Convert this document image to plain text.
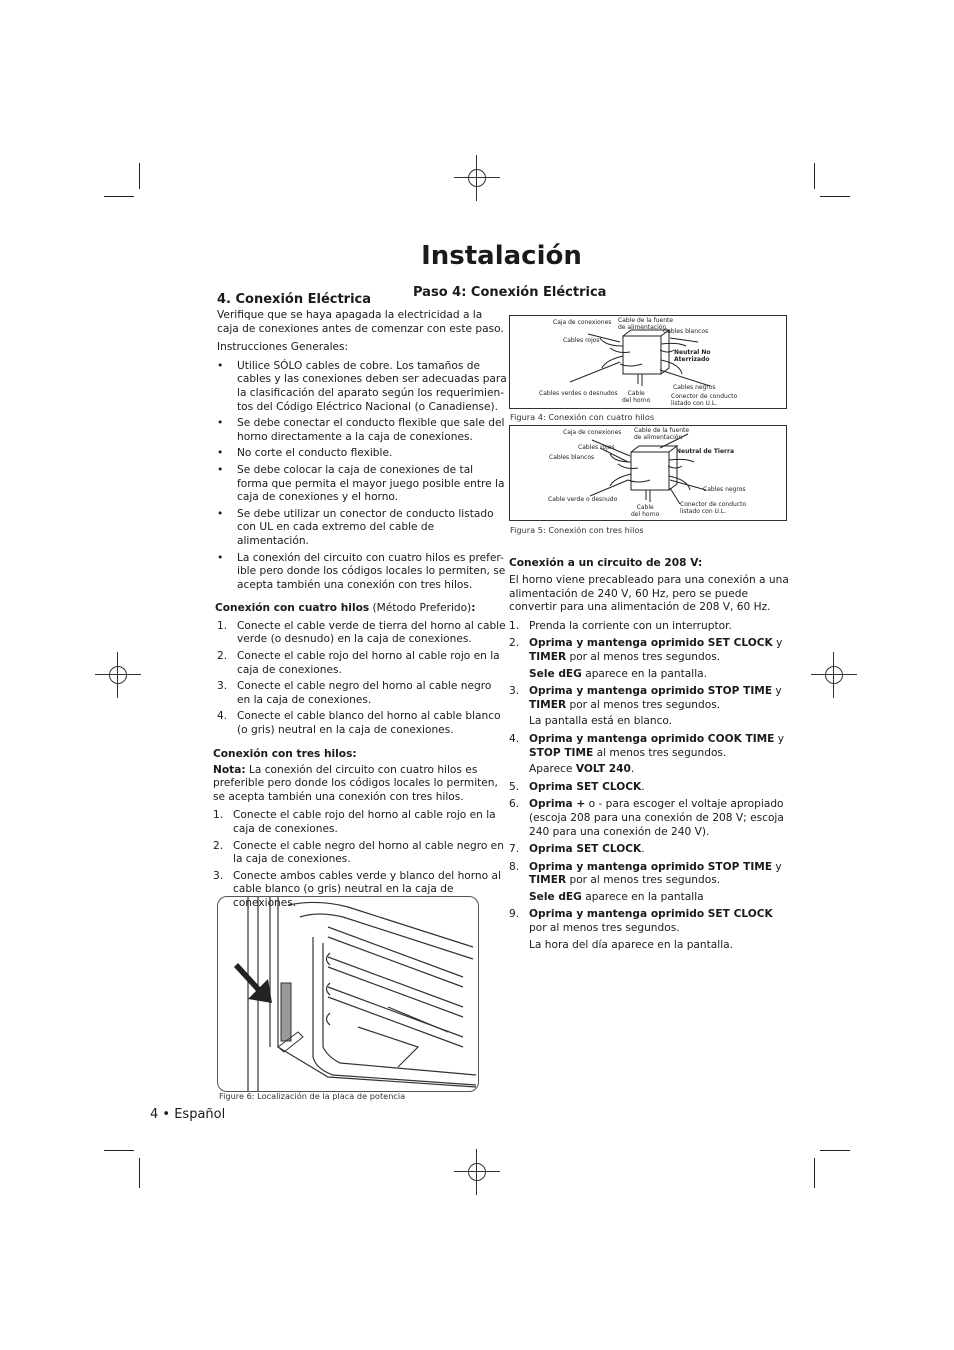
Instalación
4. Conexión Eléctrica
Verifique que se haya apagada la electricidad a la caja de conexiones antes de comenzar con este paso.
Instrucciones Generales:
• Utilice SÓLO cables de cobre. Los tamaños de cables y las conexiones deben ser adecuadas para la clasificación del aparato según los requerimien-tos del Código Eléctrico Nacional (o Canadiense).
• Se debe conectar el conducto flexible que sale del horno directamente a la caja de conexiones.
• No corte el conducto flexible.
• Se debe colocar la caja de conexiones de tal forma que permita el mayor juego posible entre la caja de conexiones y el horno.
• Se debe utilizar un conector de conducto listado con UL en cada extremo del cable de alimentación.
• La conexión del circuito con cuatro hilos es prefer-ible pero donde los códigos locales lo permiten, se acepta también una conexión con tres hilos.
Conexión con cuatro hilos (Método Preferido):
1. Conecte el cable verde de tierra del horno al cable verde (o desnudo) en la caja de conexiones.
2. Conecte el cable rojo del horno al cable rojo en la caja de conexiones.
3. Conecte el cable negro del horno al cable negro en la caja de conexiones.
4. Conecte el cable blanco del horno al cable blanco (o gris) neutral en la caja de conexiones.
Conexión con tres hilos:
Nota: La conexión del circuito con cuatro hilos es preferible pero donde los códigos locales lo permiten, se acepta también una conexión con tres hilos.
1. Conecte el cable rojo del horno al cable rojo en la caja de conexiones.
2. Conecte el cable negro del horno al cable negro en la caja de conexiones.
3. Conecte ambos cables verde y blanco del horno al cable blanco (o gris) neutral en la caja de conexiones.
Figure 6: Localización de la placa de potencia
4 • Español
Paso 4: Conexión Eléctrica
Caja de conexiones Cable de la fuente
de alimentación
Cables blancos
Cables rojos
Neutral No
Aterrizado
Cables negros
Cables verdes o desnudos	Cable
del horno
Conector de conducto
listado con U.L.
Figura 4: Conexión con cuatro hilos
Caja de conexiones Cable de la fuente
de alimentación
Cables rojos
Cables blancos
Neutral de Tierra
Cables negros
Cable verde o desnudo
Cable
del horno
Conector de conducto
listado con U.L.
Figura 5: Conexión con tres hilos
Conexión a un circuito de 208 V:
El horno viene precableado para una conexión a una alimentación de 240 V, 60 Hz, pero se puede convertir para una alimentación de 208 V, 60 Hz.
1. Prenda la corriente con un interruptor.
2. Oprima y mantenga oprimido SET CLOCK y TIMER por al menos tres segundos.
Sele dEG aparece en la pantalla.
3. Oprima y mantenga oprimido STOP TIME y TIMER por al menos tres segundos.
La pantalla está en blanco.
4. Oprima y mantenga oprimido COOK TIME y STOP TIME al menos tres segundos.
Aparece VOLT 240.
5. Oprima SET CLOCK.
6. Oprima + o - para escoger el voltaje apropiado (escoja 208 para una conexión de 208 V; escoja 240 para una conexión de 240 V).
7. Oprima SET CLOCK.
8. Oprima y mantenga oprimido STOP TIME y TIMER por al menos tres segundos.
Sele dEG aparece en la pantalla
9. Oprima y mantenga oprimido SET CLOCK por al menos tres segundos.
La hora del día aparece en la pantalla.
